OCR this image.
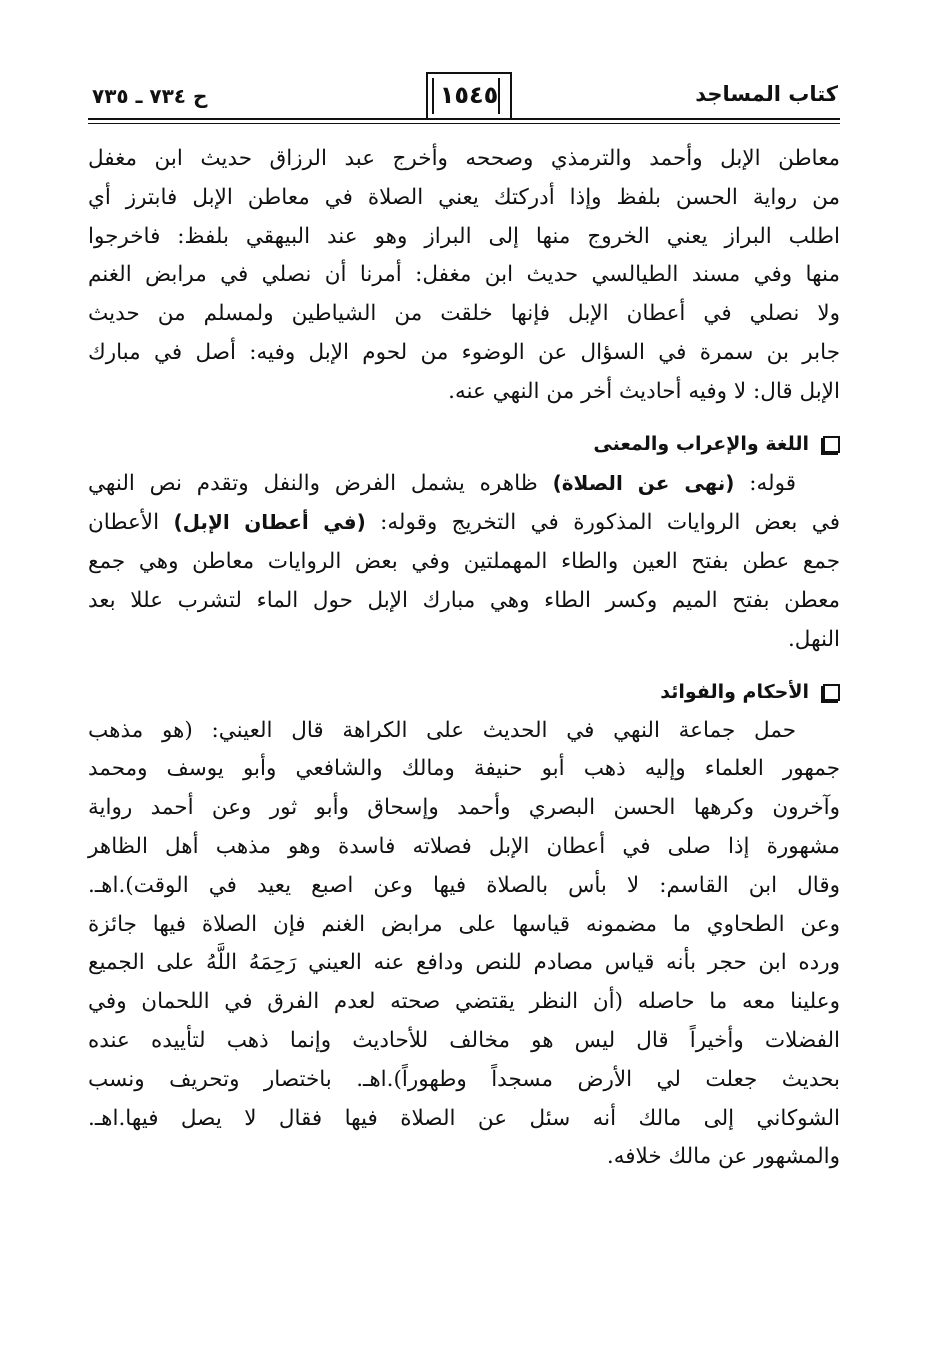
ح ٧٣٤ ـ ٧٣٥	١٥٤٥	كتاب المساجد

معاطن الإبل وأحمد والترمذي وصححه وأخرج عبد الرزاق حديث ابن مغفل
من رواية الحسن بلفظ وإذا أدركتك يعني الصلاة في معاطن الإبل فابترز أي
اطلب البراز يعني الخروج منها إلى البراز وهو عند البيهقي بلفظ: فاخرجوا
منها وفي مسند الطيالسي حديث ابن مغفل: أمرنا أن نصلي في مرابض الغنم
ولا نصلي في أعطان الإبل فإنها خلقت من الشياطين ولمسلم من حديث
جابر بن سمرة في السؤال عن الوضوء من لحوم الإبل وفيه: أصل في مبارك
الإبل قال: لا وفيه أحاديث أخر من النهي عنه.

اللغة والإعراب والمعنى

قوله: (نهى عن الصلاة) ظاهره يشمل الفرض والنفل وتقدم نص النهي
في بعض الروايات المذكورة في التخريج وقوله: (في أعطان الإبل) الأعطان
جمع عطن بفتح العين والطاء المهملتين وفي بعض الروايات معاطن وهي جمع
معطن بفتح الميم وكسر الطاء وهي مبارك الإبل حول الماء لتشرب عللا بعد
النهل.

الأحكام والفوائد

حمل جماعة النهي في الحديث على الكراهة قال العيني: (هو مذهب
جمهور العلماء وإليه ذهب أبو حنيفة ومالك والشافعي وأبو يوسف ومحمد
وآخرون وكرهها الحسن البصري وأحمد وإسحاق وأبو ثور وعن أحمد رواية
مشهورة إذا صلى في أعطان الإبل فصلاته فاسدة وهو مذهب أهل الظاهر
وقال ابن القاسم: لا بأس بالصلاة فيها وعن اصبع يعيد في الوقت).اهـ.
وعن الطحاوي ما مضمونه قياسها على مرابض الغنم فإن الصلاة فيها جائزة
ورده ابن حجر بأنه قياس مصادم للنص ودافع عنه العيني رَحِمَهُ اللَّهُ على الجميع
وعلينا معه ما حاصله (أن النظر يقتضي صحته لعدم الفرق في اللحمان وفي
الفضلات وأخيراً قال ليس هو مخالف للأحاديث وإنما ذهب لتأييده عنده
بحديث جعلت لي الأرض مسجداً وطهوراً).اهـ. باختصار وتحريف ونسب
الشوكاني إلى مالك أنه سئل عن الصلاة فيها فقال لا يصل فيها.اهـ.
والمشهور عن مالك خلافه.
